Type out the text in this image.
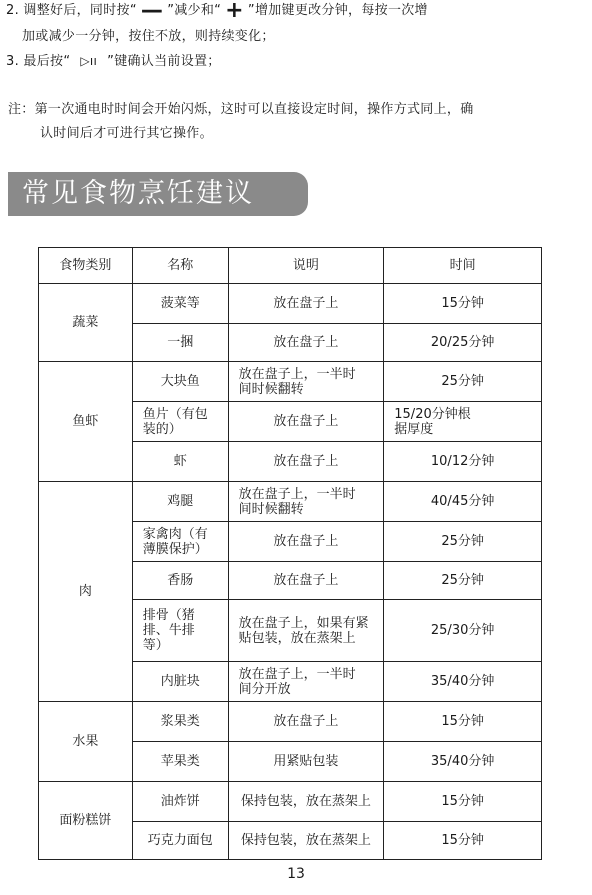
2. 调整好后，同时按“ — ”减少和“ + ”增加键更改分钟，每按一次增
加或减少一分钟，按住不放，则持续变化；
3. 最后按“ ▷ıı ”键确认当前设置；
注：第一次通电时时间会开始闪烁，这时可以直接设定时间，操作方式同上，确
认时间后才可进行其它操作。
常见食物烹饪建议
食物类别	名称	说明	时间
蔬菜	菠菜等	放在盘子上	15分钟
	一捆	放在盘子上	20/25分钟
鱼虾	大块鱼	放在盘子上，一半时
间时候翻转	25分钟
	鱼片（有包
装的）	放在盘子上	15/20分钟根
据厚度
	虾	放在盘子上	10/12分钟
肉	鸡腿	放在盘子上，一半时
间时候翻转	40/45分钟
	家禽肉（有
薄膜保护）	放在盘子上	25分钟
	香肠	放在盘子上	25分钟
	排骨（猪
排、牛排
等）	放在盘子上，如果有紧
贴包装，放在蒸架上	25/30分钟
	内脏块	放在盘子上，一半时
间分开放	35/40分钟
水果	浆果类	放在盘子上	15分钟
	苹果类	用紧贴包装	35/40分钟
面粉糕饼	油炸饼	保持包装，放在蒸架上	15分钟
	巧克力面包	保持包装，放在蒸架上	15分钟
13
